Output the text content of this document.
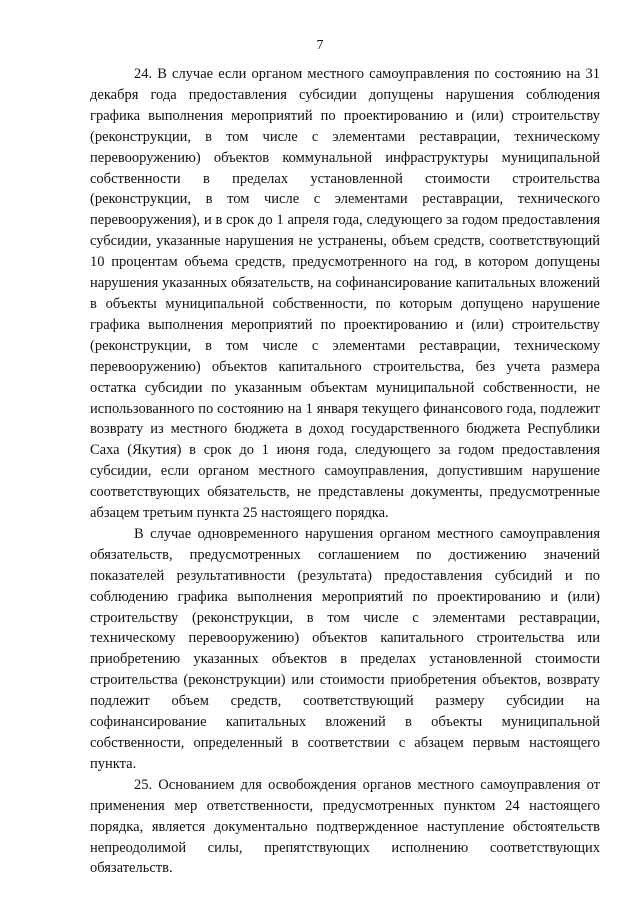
7

24. В случае если органом местного самоуправления по состоянию на 31 декабря года предоставления субсидии допущены нарушения соблюдения графика выполнения мероприятий по проектированию и (или) строительству (реконструкции, в том числе с элементами реставрации, техническому перевооружению) объектов коммунальной инфраструктуры муниципальной собственности в пределах установленной стоимости строительства (реконструкции, в том числе с элементами реставрации, технического перевооружения), и в срок до 1 апреля года, следующего за годом предоставления субсидии, указанные нарушения не устранены, объем средств, соответствующий 10 процентам объема средств, предусмотренного на год, в котором допущены нарушения указанных обязательств, на софинансирование капитальных вложений в объекты муниципальной собственности, по которым допущено нарушение графика выполнения мероприятий по проектированию и (или) строительству (реконструкции, в том числе с элементами реставрации, техническому перевооружению) объектов капитального строительства, без учета размера остатка субсидии по указанным объектам муниципальной собственности, не использованного по состоянию на 1 января текущего финансового года, подлежит возврату из местного бюджета в доход государственного бюджета Республики Саха (Якутия) в срок до 1 июня года, следующего за годом предоставления субсидии, если органом местного самоуправления, допустившим нарушение соответствующих обязательств, не представлены документы, предусмотренные абзацем третьим пункта 25 настоящего порядка.

В случае одновременного нарушения органом местного самоуправления обязательств, предусмотренных соглашением по достижению значений показателей результативности (результата) предоставления субсидий и по соблюдению графика выполнения мероприятий по проектированию и (или) строительству (реконструкции, в том числе с элементами реставрации, техническому перевооружению) объектов капитального строительства или приобретению указанных объектов в пределах установленной стоимости строительства (реконструкции) или стоимости приобретения объектов, возврату подлежит объем средств, соответствующий размеру субсидии на софинансирование капитальных вложений в объекты муниципальной собственности, определенный в соответствии с абзацем первым настоящего пункта.

25. Основанием для освобождения органов местного самоуправления от применения мер ответственности, предусмотренных пунктом 24 настоящего порядка, является документально подтвержденное наступление обстоятельств непреодолимой силы, препятствующих исполнению соответствующих обязательств.
